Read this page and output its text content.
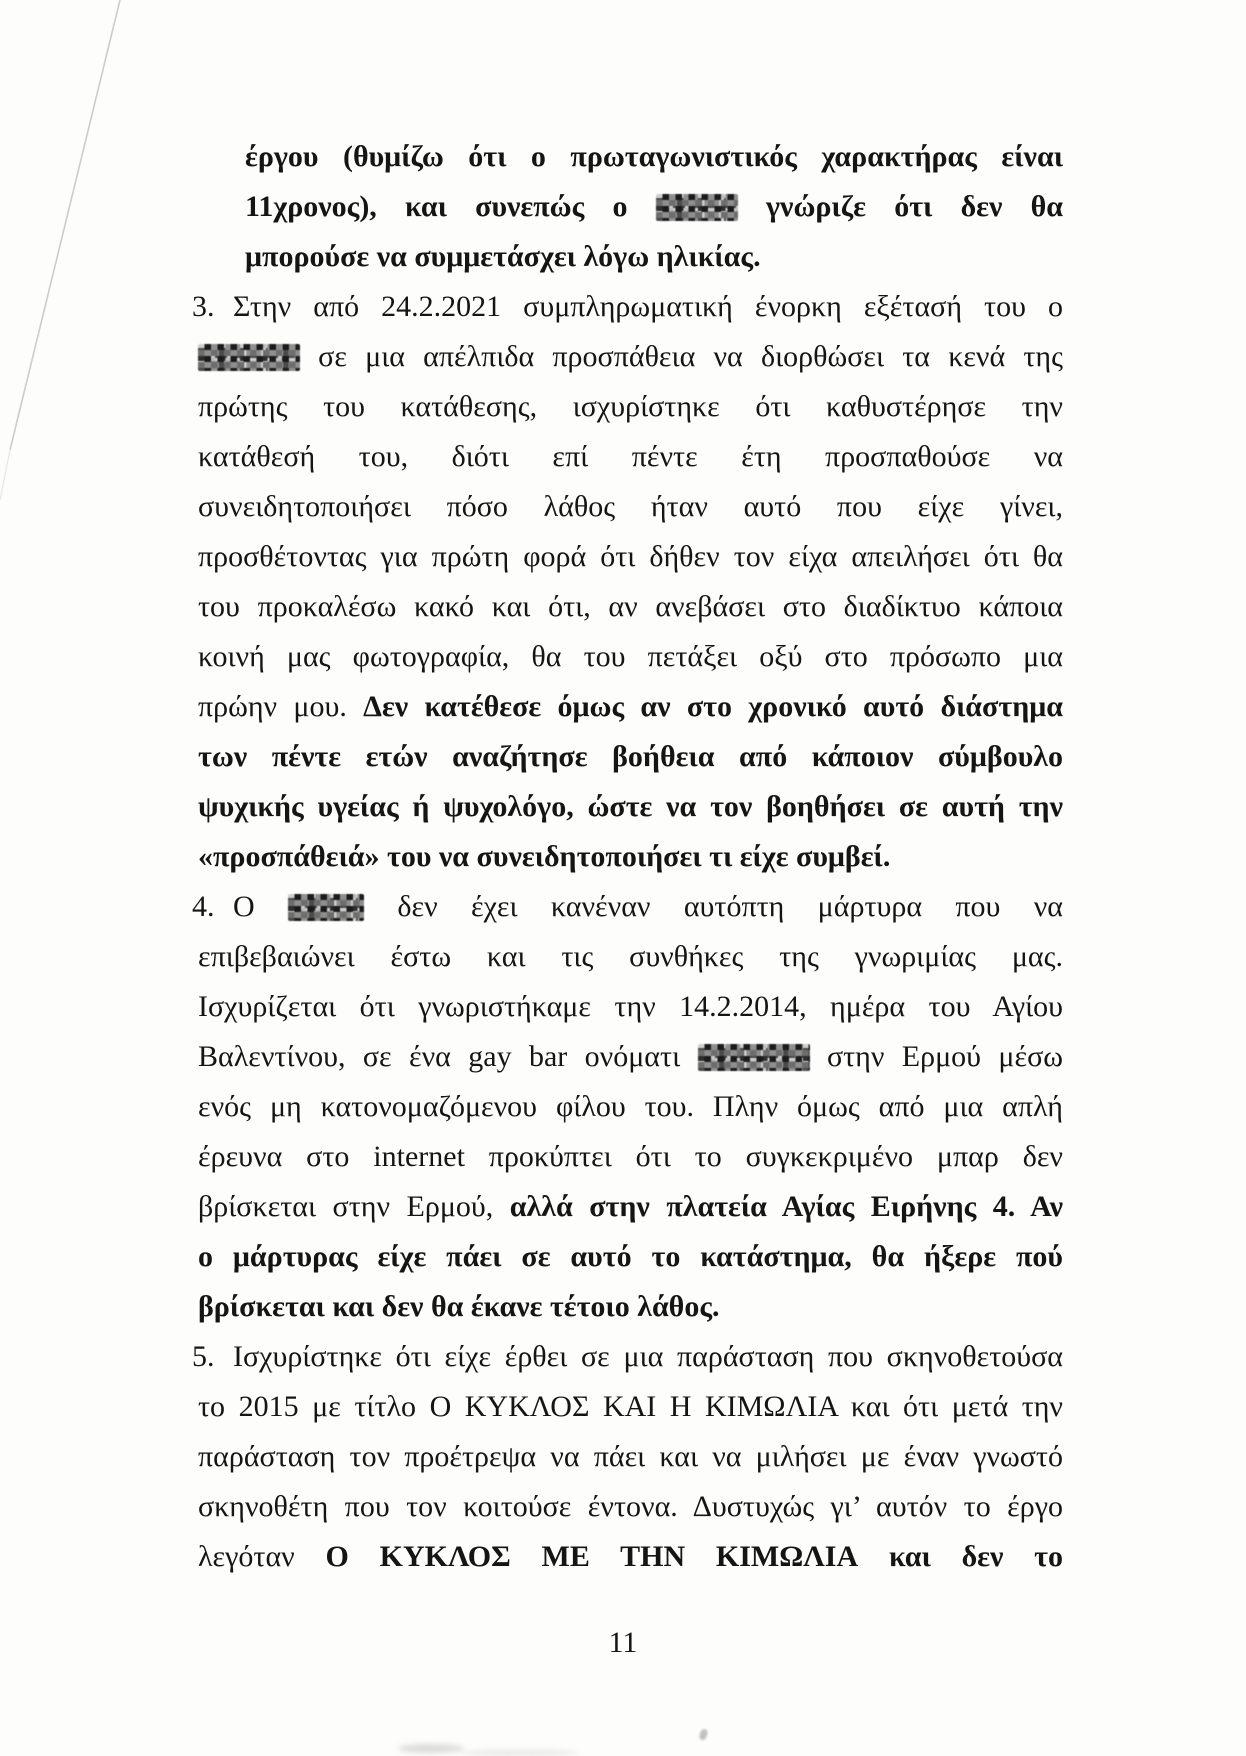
έργου (θυμίζω ότι ο πρωταγωνιστικός χαρακτήρας είναι
11χρονος), και συνεπώς ο	γνώριζε ότι δεν θα
μπορούσε να συμμετάσχει λόγω ηλικίας.
3. Στην από 24.2.2021 συμπληρωματική ένορκη εξέτασή του ο
σε μια απέλπιδα προσπάθεια να διορθώσει τα κενά της
πρώτης του κατάθεσης, ισχυρίστηκε ότι καθυστέρησε την
κατάθεσή του, διότι επί πέντε έτη προσπαθούσε να
συνειδητοποιήσει πόσο λάθος ήταν αυτό που είχε γίνει,
προσθέτοντας για πρώτη φορά ότι δήθεν τον είχα απειλήσει ότι θα
του προκαλέσω κακό και ότι, αν ανεβάσει στο διαδίκτυο κάποια
κοινή μας φωτογραφία, θα του πετάξει οξύ στο πρόσωπο μια
πρώην μου. Δεν κατέθεσε όμως αν στο χρονικό αυτό διάστημα
των πέντε ετών αναζήτησε βοήθεια από κάποιον σύμβουλο
ψυχικής υγείας ή ψυχολόγο, ώστε να τον βοηθήσει σε αυτή την
«προσπάθειά» του να συνειδητοποιήσει τι είχε συμβεί.
4. Ο	δεν έχει κανέναν αυτόπτη μάρτυρα που να
επιβεβαιώνει έστω και τις συνθήκες της γνωριμίας μας.
Ισχυρίζεται ότι γνωριστήκαμε την 14.2.2014, ημέρα του Αγίου
Βαλεντίνου, σε ένα gay bar ονόματι	στην Ερμού μέσω
ενός μη κατονομαζόμενου φίλου του. Πλην όμως από μια απλή
έρευνα στο internet προκύπτει ότι το συγκεκριμένο μπαρ δεν
βρίσκεται στην Ερμού, αλλά στην πλατεία Αγίας Ειρήνης 4. Αν
ο μάρτυρας είχε πάει σε αυτό το κατάστημα, θα ήξερε πού
βρίσκεται και δεν θα έκανε τέτοιο λάθος.
5. Ισχυρίστηκε ότι είχε έρθει σε μια παράσταση που σκηνοθετούσα
το 2015 με τίτλο Ο ΚΥΚΛΟΣ ΚΑΙ Η ΚΙΜΩΛΙΑ και ότι μετά την
παράσταση τον προέτρεψα να πάει και να μιλήσει με έναν γνωστό
σκηνοθέτη που τον κοιτούσε έντονα. Δυστυχώς γι’ αυτόν το έργο
λεγόταν Ο ΚΥΚΛΟΣ ΜΕ ΤΗΝ ΚΙΜΩΛΙΑ και δεν το
11
